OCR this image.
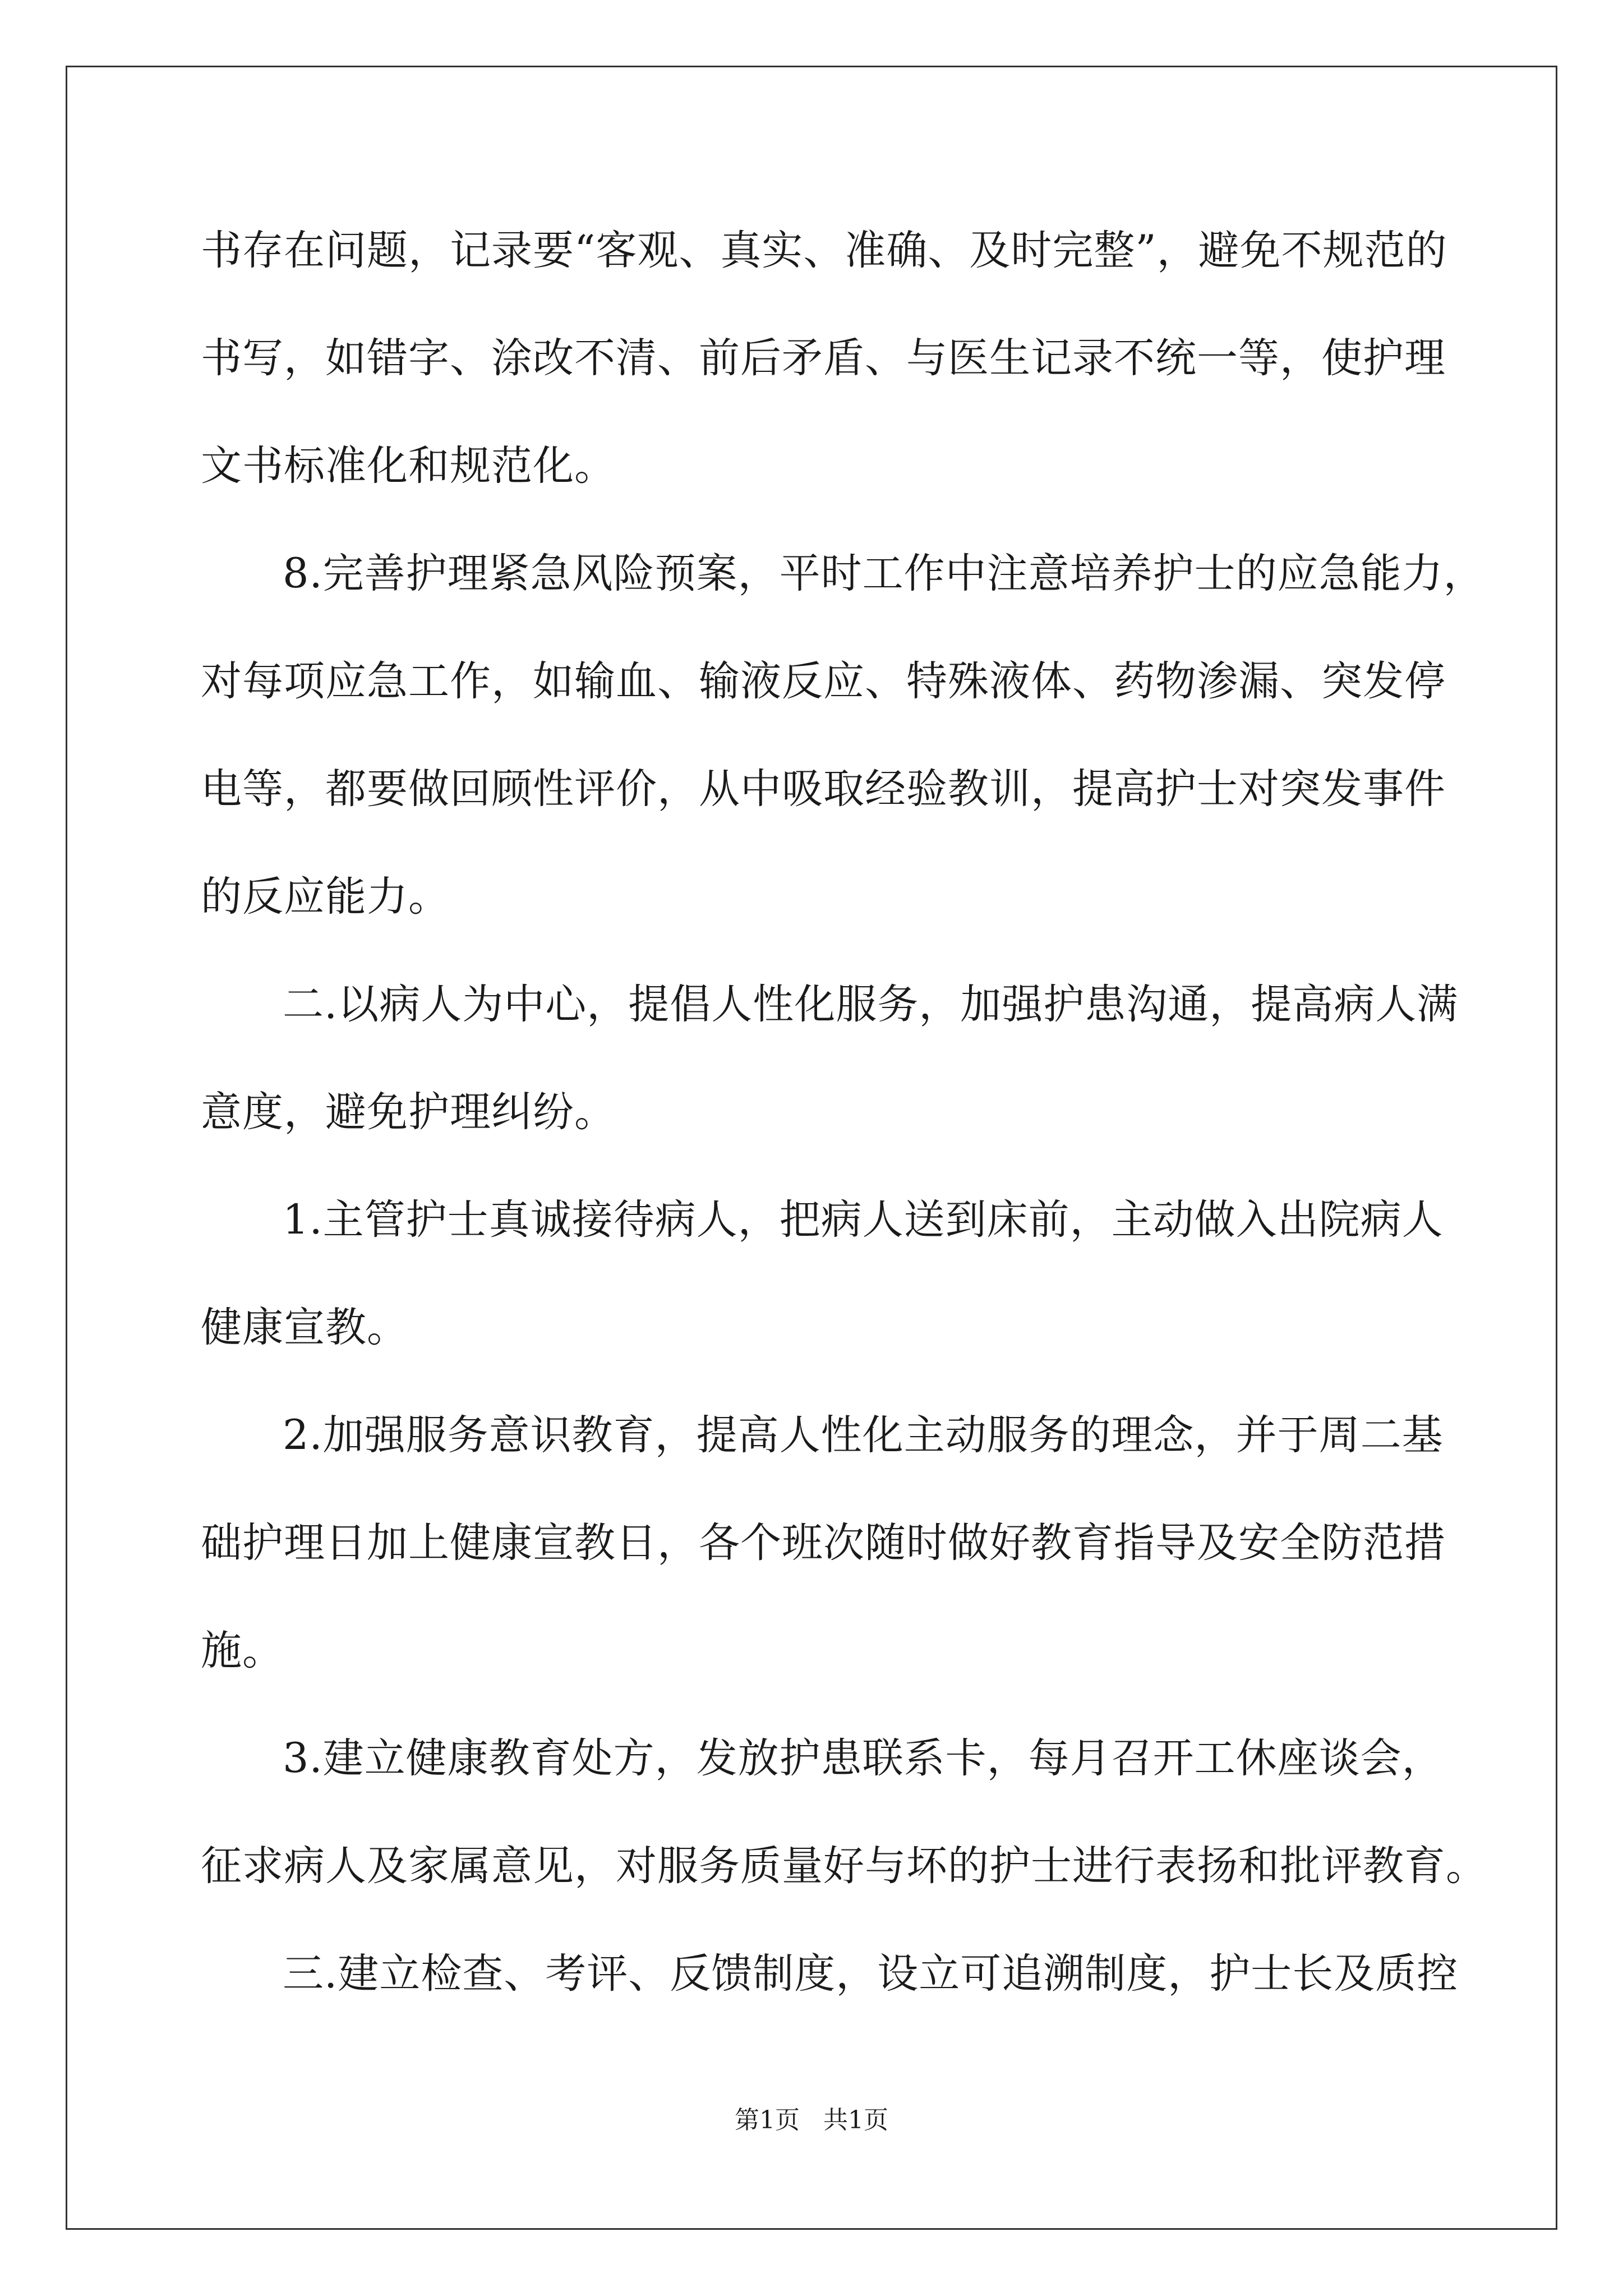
书存在问题，记录要“客观、真实、准确、及时完整”，避免不规范的
书写，如错字、涂改不清、前后矛盾、与医生记录不统一等，使护理
文书标准化和规范化。
8.完善护理紧急风险预案，平时工作中注意培养护士的应急能力，
对每项应急工作，如输血、输液反应、特殊液体、药物渗漏、突发停
电等，都要做回顾性评价，从中吸取经验教训，提高护士对突发事件
的反应能力。
二.以病人为中心，提倡人性化服务，加强护患沟通，提高病人满
意度，避免护理纠纷。
1.主管护士真诚接待病人，把病人送到床前，主动做入出院病人
健康宣教。
2.加强服务意识教育，提高人性化主动服务的理念，并于周二基
础护理日加上健康宣教日，各个班次随时做好教育指导及安全防范措
施。
3.建立健康教育处方，发放护患联系卡，每月召开工休座谈会，
征求病人及家属意见，对服务质量好与坏的护士进行表扬和批评教育。
三.建立检查、考评、反馈制度，设立可追溯制度，护士长及质控
第1页 共1页
